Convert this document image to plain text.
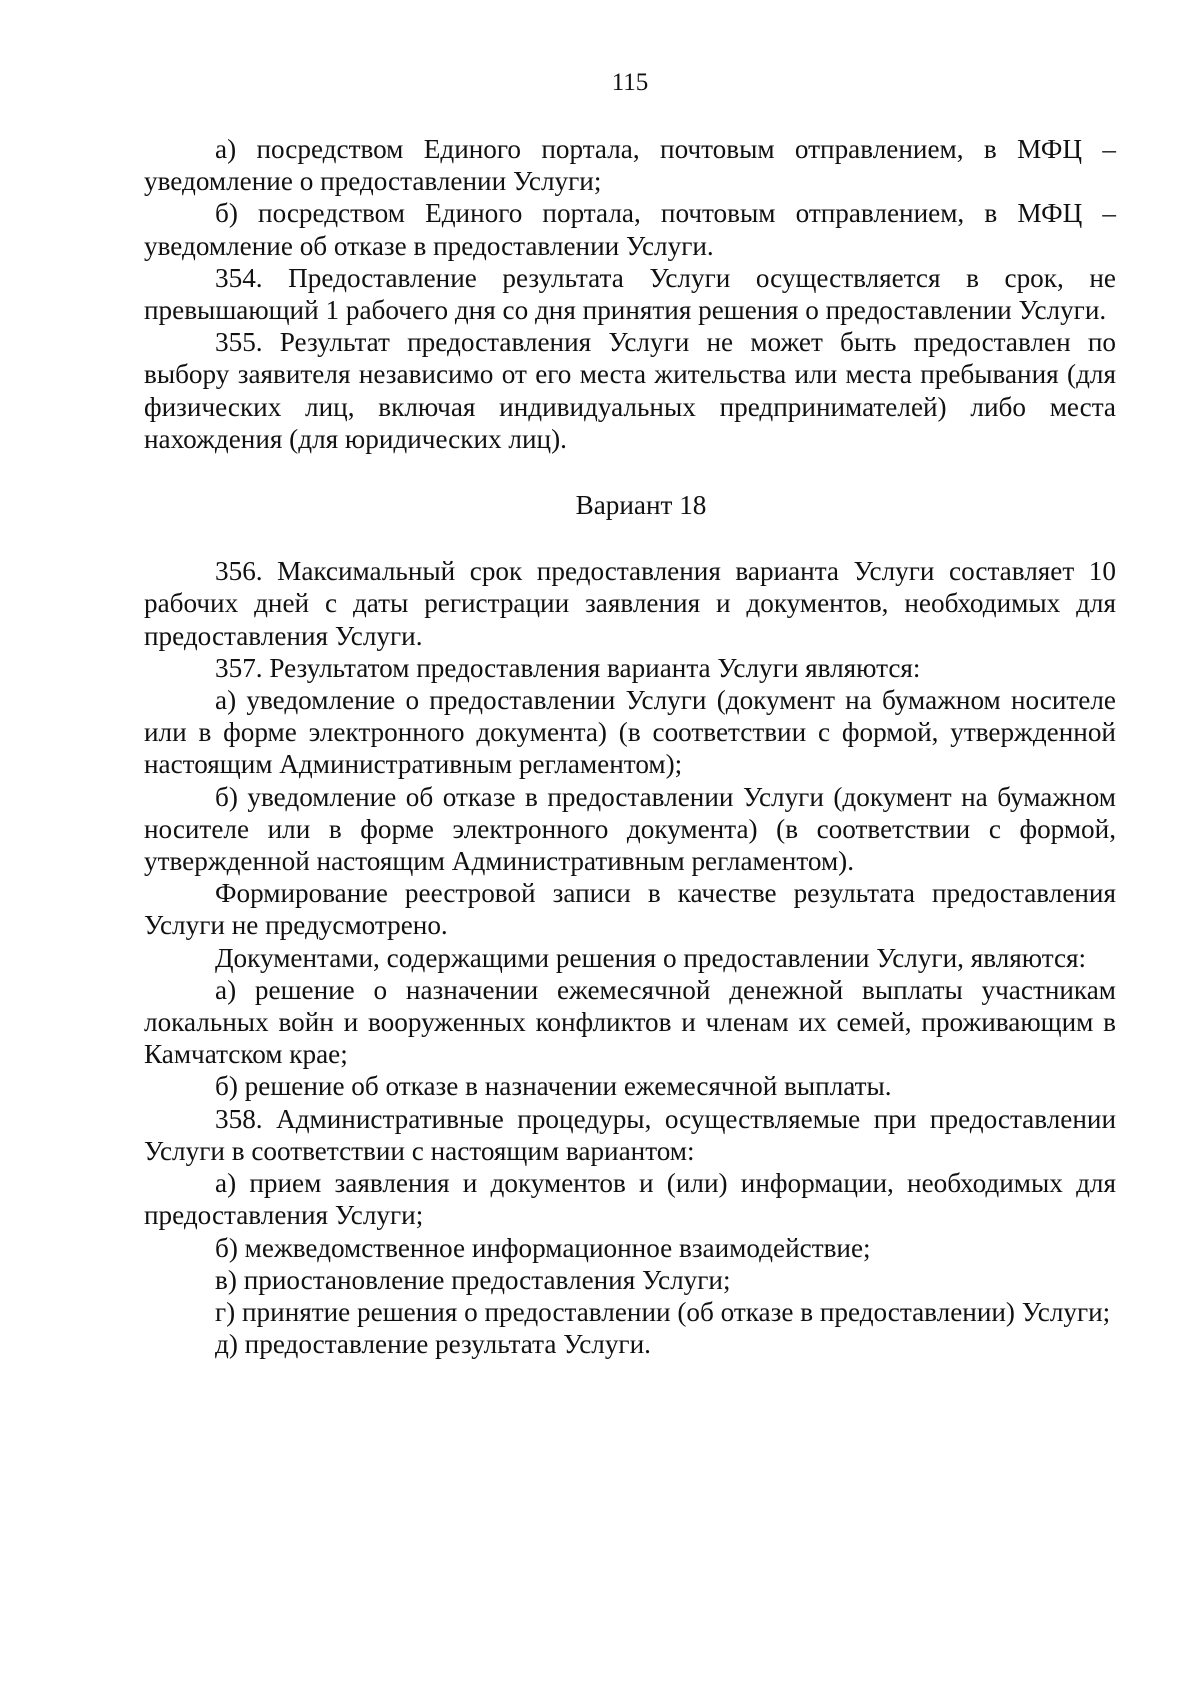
115

а) посредством Единого портала, почтовым отправлением, в МФЦ – уведомление о предоставлении Услуги;

б) посредством Единого портала, почтовым отправлением, в МФЦ – уведомление об отказе в предоставлении Услуги.

354. Предоставление результата Услуги осуществляется в срок, не превышающий 1 рабочего дня со дня принятия решения о предоставлении Услуги.

355. Результат предоставления Услуги не может быть предоставлен по выбору заявителя независимо от его места жительства или места пребывания (для физических лиц, включая индивидуальных предпринимателей) либо места нахождения (для юридических лиц).

Вариант 18

356. Максимальный срок предоставления варианта Услуги составляет 10 рабочих дней с даты регистрации заявления и документов, необходимых для предоставления Услуги.

357. Результатом предоставления варианта Услуги являются:

а) уведомление о предоставлении Услуги (документ на бумажном носителе или в форме электронного документа) (в соответствии с формой, утвержденной настоящим Административным регламентом);

б) уведомление об отказе в предоставлении Услуги (документ на бумажном носителе или в форме электронного документа) (в соответствии с формой, утвержденной настоящим Административным регламентом).

Формирование реестровой записи в качестве результата предоставления Услуги не предусмотрено.

Документами, содержащими решения о предоставлении Услуги, являются:

а) решение о назначении ежемесячной денежной выплаты участникам локальных войн и вооруженных конфликтов и членам их семей, проживающим в Камчатском крае;

б) решение об отказе в назначении ежемесячной выплаты.

358. Административные процедуры, осуществляемые при предоставлении Услуги в соответствии с настоящим вариантом:

а) прием заявления и документов и (или) информации, необходимых для предоставления Услуги;

б) межведомственное информационное взаимодействие;

в) приостановление предоставления Услуги;

г) принятие решения о предоставлении (об отказе в предоставлении) Услуги;

д) предоставление результата Услуги.
